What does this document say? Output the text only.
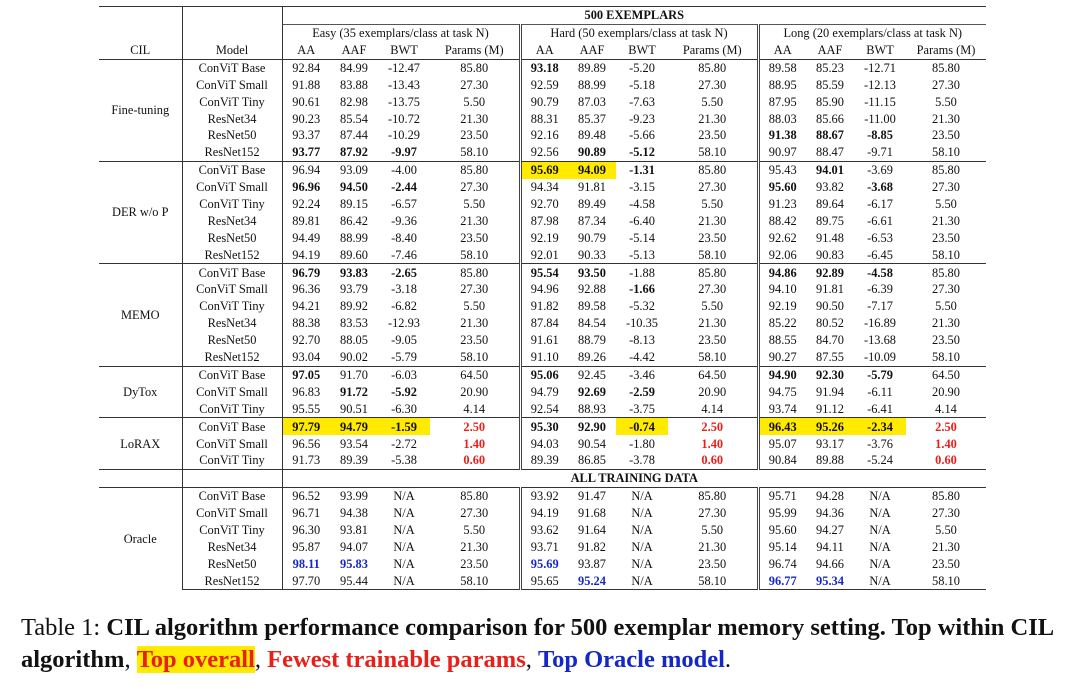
		500 EXEMPLARS											
		Easy (35 exemplars/class at task N)				Hard (50 exemplars/class at task N)				Long (20 exemplars/class at task N)			
CIL	Model	AA	AAF	BWT	Params (M)	AA	AAF	BWT	Params (M)	AA	AAF	BWT	Params (M)
Fine-tuning	ConViT Base	92.84	84.99	-12.47	85.80	93.18	89.89	-5.20	85.80	89.58	85.23	-12.71	85.80
	ConViT Small	91.88	83.88	-13.43	27.30	92.59	88.99	-5.18	27.30	88.95	85.59	-12.13	27.30
	ConViT Tiny	90.61	82.98	-13.75	5.50	90.79	87.03	-7.63	5.50	87.95	85.90	-11.15	5.50
	ResNet34	90.23	85.54	-10.72	21.30	88.31	85.37	-9.23	21.30	88.03	85.66	-11.00	21.30
	ResNet50	93.37	87.44	-10.29	23.50	92.16	89.48	-5.66	23.50	91.38	88.67	-8.85	23.50
	ResNet152	93.77	87.92	-9.97	58.10	92.56	90.89	-5.12	58.10	90.97	88.47	-9.71	58.10
DER w/o P	ConViT Base	96.94	93.09	-4.00	85.80	95.69	94.09	-1.31	85.80	95.43	94.01	-3.69	85.80
	ConViT Small	96.96	94.50	-2.44	27.30	94.34	91.81	-3.15	27.30	95.60	93.82	-3.68	27.30
	ConViT Tiny	92.24	89.15	-6.57	5.50	92.70	89.49	-4.58	5.50	91.23	89.64	-6.17	5.50
	ResNet34	89.81	86.42	-9.36	21.30	87.98	87.34	-6.40	21.30	88.42	89.75	-6.61	21.30
	ResNet50	94.49	88.99	-8.40	23.50	92.19	90.79	-5.14	23.50	92.62	91.48	-6.53	23.50
	ResNet152	94.19	89.60	-7.46	58.10	92.01	90.33	-5.13	58.10	92.06	90.83	-6.45	58.10
MEMO	ConViT Base	96.79	93.83	-2.65	85.80	95.54	93.50	-1.88	85.80	94.86	92.89	-4.58	85.80
	ConViT Small	96.36	93.79	-3.18	27.30	94.96	92.88	-1.66	27.30	94.10	91.81	-6.39	27.30
	ConViT Tiny	94.21	89.92	-6.82	5.50	91.82	89.58	-5.32	5.50	92.19	90.50	-7.17	5.50
	ResNet34	88.38	83.53	-12.93	21.30	87.84	84.54	-10.35	21.30	85.22	80.52	-16.89	21.30
	ResNet50	92.70	88.05	-9.05	23.50	91.61	88.79	-8.13	23.50	88.55	84.70	-13.68	23.50
	ResNet152	93.04	90.02	-5.79	58.10	91.10	89.26	-4.42	58.10	90.27	87.55	-10.09	58.10
DyTox	ConViT Base	97.05	91.70	-6.03	64.50	95.06	92.45	-3.46	64.50	94.90	92.30	-5.79	64.50
	ConViT Small	96.83	91.72	-5.92	20.90	94.79	92.69	-2.59	20.90	94.75	91.94	-6.11	20.90
	ConViT Tiny	95.55	90.51	-6.30	4.14	92.54	88.93	-3.75	4.14	93.74	91.12	-6.41	4.14
LoRAX	ConViT Base	97.79	94.79	-1.59	2.50	95.30	92.90	-0.74	2.50	96.43	95.26	-2.34	2.50
	ConViT Small	96.56	93.54	-2.72	1.40	94.03	90.54	-1.80	1.40	95.07	93.17	-3.76	1.40
	ConViT Tiny	91.73	89.39	-5.38	0.60	89.39	86.85	-3.78	0.60	90.84	89.88	-5.24	0.60
		ALL TRAINING DATA											
Oracle	ConViT Base	96.52	93.99	N/A	85.80	93.92	91.47	N/A	85.80	95.71	94.28	N/A	85.80
	ConViT Small	96.71	94.38	N/A	27.30	94.19	91.68	N/A	27.30	95.99	94.36	N/A	27.30
	ConViT Tiny	96.30	93.81	N/A	5.50	93.62	91.64	N/A	5.50	95.60	94.27	N/A	5.50
	ResNet34	95.87	94.07	N/A	21.30	93.71	91.82	N/A	21.30	95.14	94.11	N/A	21.30
	ResNet50	98.11	95.83	N/A	23.50	95.69	93.87	N/A	23.50	96.74	94.66	N/A	23.50
	ResNet152	97.70	95.44	N/A	58.10	95.65	95.24	N/A	58.10	96.77	95.34	N/A	58.10
Table 1: CIL algorithm performance comparison for 500 exemplar memory setting. Top within CIL algorithm, Top overall, Fewest trainable params, Top Oracle model.
